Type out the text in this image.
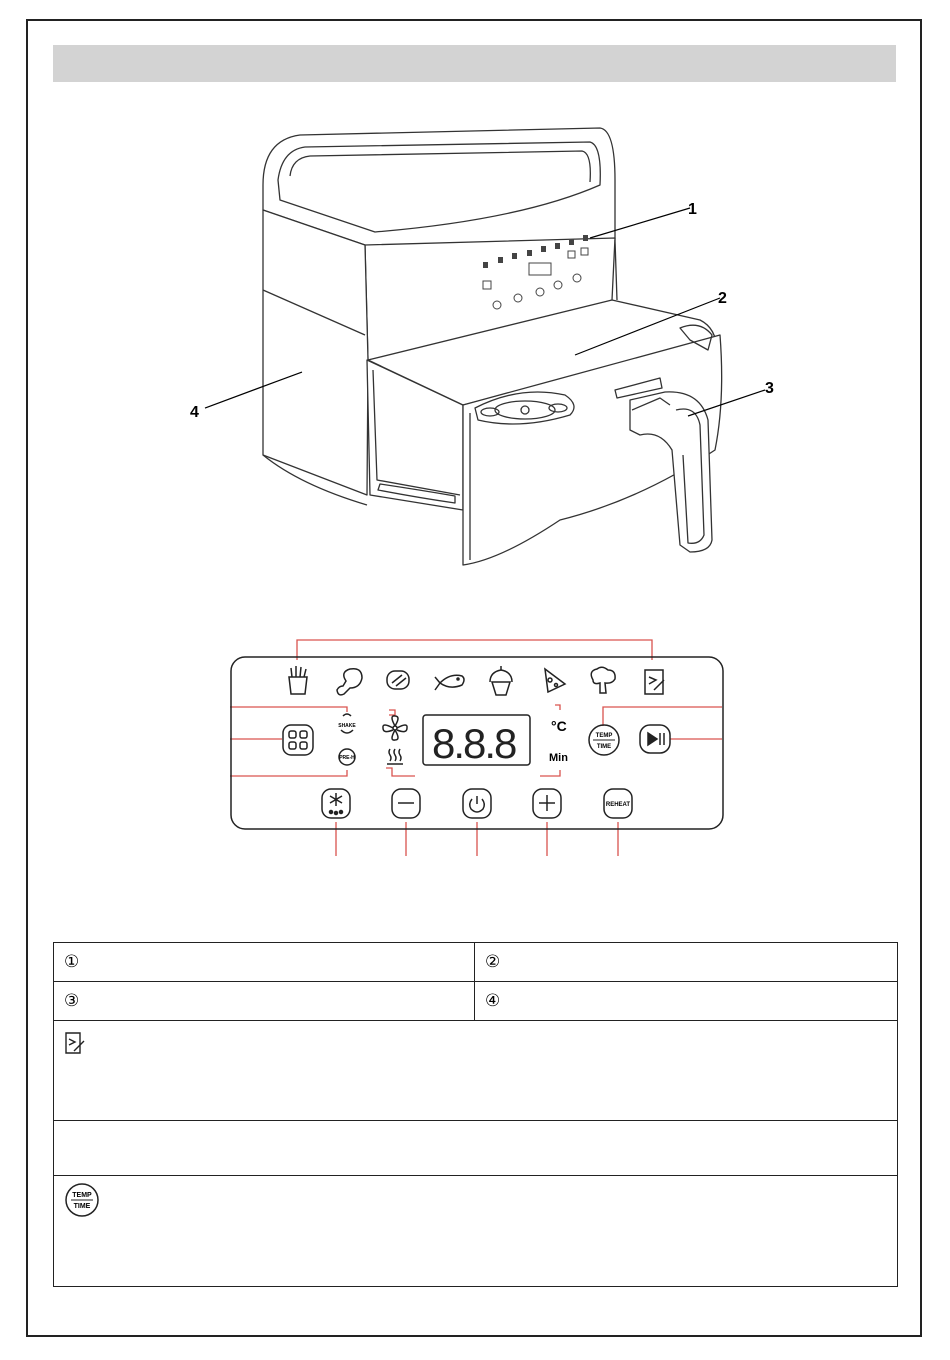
1
2
3
4
8.8.8	°C
Min
SHAKE
PRE-H
TEMP
TIME
REHEAT
①	②
③	④

TEMP
TIME	
